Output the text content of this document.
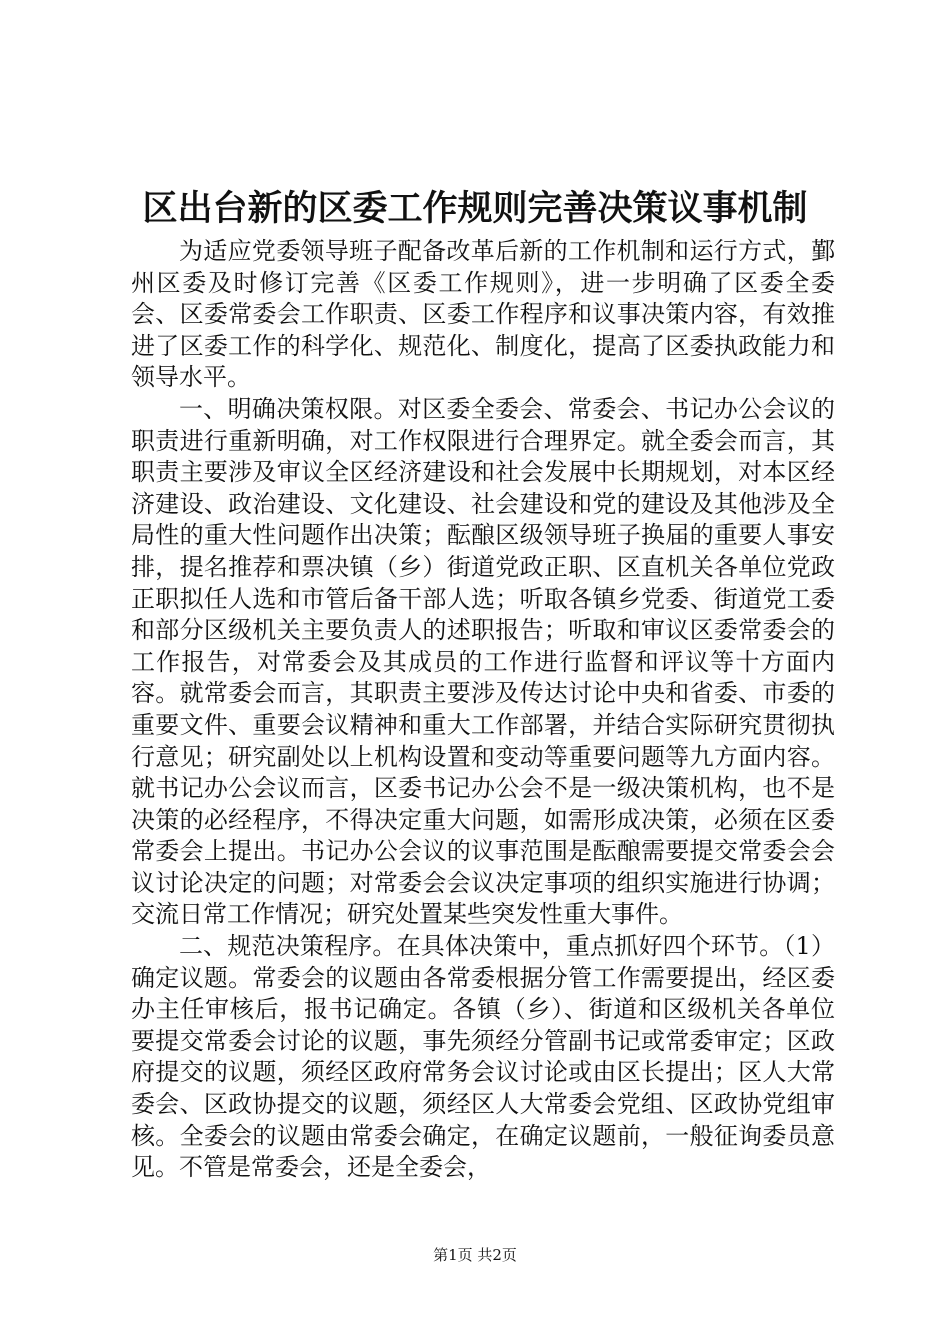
区出台新的区委工作规则完善决策议事机制

为适应党委领导班子配备改革后新的工作机制和运行方式，鄞州区委及时修订完善《区委工作规则》，进一步明确了区委全委会、区委常委会工作职责、区委工作程序和议事决策内容，有效推进了区委工作的科学化、规范化、制度化，提高了区委执政能力和领导水平。

一、明确决策权限。对区委全委会、常委会、书记办公会议的职责进行重新明确，对工作权限进行合理界定。就全委会而言，其职责主要涉及审议全区经济建设和社会发展中长期规划，对本区经济建设、政治建设、文化建设、社会建设和党的建设及其他涉及全局性的重大性问题作出决策；酝酿区级领导班子换届的重要人事安排，提名推荐和票决镇（乡）街道党政正职、区直机关各单位党政正职拟任人选和市管后备干部人选；听取各镇乡党委、街道党工委和部分区级机关主要负责人的述职报告；听取和审议区委常委会的工作报告，对常委会及其成员的工作进行监督和评议等十方面内容。就常委会而言，其职责主要涉及传达讨论中央和省委、市委的重要文件、重要会议精神和重大工作部署，并结合实际研究贯彻执行意见；研究副处以上机构设置和变动等重要问题等九方面内容。就书记办公会议而言，区委书记办公会不是一级决策机构，也不是决策的必经程序，不得决定重大问题，如需形成决策，必须在区委常委会上提出。书记办公会议的议事范围是酝酿需要提交常委会会议讨论决定的问题；对常委会会议决定事项的组织实施进行协调；交流日常工作情况；研究处置某些突发性重大事件。

二、规范决策程序。在具体决策中，重点抓好四个环节。（1）确定议题。常委会的议题由各常委根据分管工作需要提出，经区委办主任审核后，报书记确定。各镇（乡）、街道和区级机关各单位要提交常委会讨论的议题，事先须经分管副书记或常委审定；区政府提交的议题，须经区政府常务会议讨论或由区长提出；区人大常委会、区政协提交的议题，须经区人大常委会党组、区政协党组审核。全委会的议题由常委会确定，在确定议题前，一般征询委员意见。不管是常委会，还是全委会，

第1页 共2页
